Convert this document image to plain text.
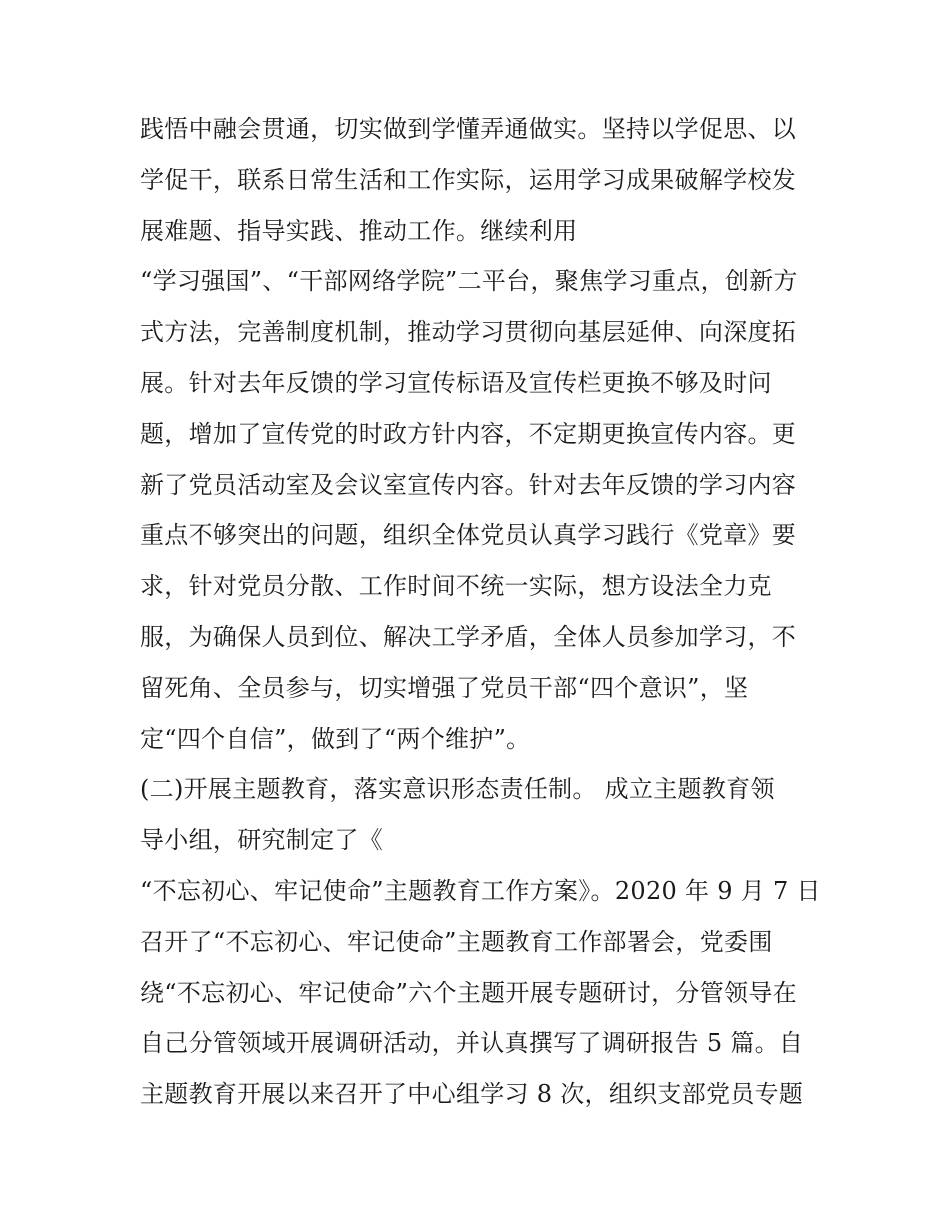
践悟中融会贯通，切实做到学懂弄通做实。坚持以学促思、以
学促干，联系日常生活和工作实际，运用学习成果破解学校发
展难题、指导实践、推动工作。继续利用
“学习强国”、“干部网络学院”二平台，聚焦学习重点，创新方
式方法，完善制度机制，推动学习贯彻向基层延伸、向深度拓
展。针对去年反馈的学习宣传标语及宣传栏更换不够及时问
题，增加了宣传党的时政方针内容，不定期更换宣传内容。更
新了党员活动室及会议室宣传内容。针对去年反馈的学习内容
重点不够突出的问题，组织全体党员认真学习践行《党章》要
求，针对党员分散、工作时间不统一实际，想方设法全力克
服，为确保人员到位、解决工学矛盾，全体人员参加学习，不
留死角、全员参与，切实增强了党员干部“四个意识”，坚
定“四个自信”，做到了“两个维护”。
(二)开展主题教育，落实意识形态责任制。 成立主题教育领
导小组，研究制定了《
“不忘初心、牢记使命”主题教育工作方案》。2020 年 9 月 7 日
召开了“不忘初心、牢记使命”主题教育工作部署会，党委围
绕“不忘初心、牢记使命”六个主题开展专题研讨，分管领导在
自己分管领域开展调研活动，并认真撰写了调研报告 5 篇。自
主题教育开展以来召开了中心组学习 8 次，组织支部党员专题
